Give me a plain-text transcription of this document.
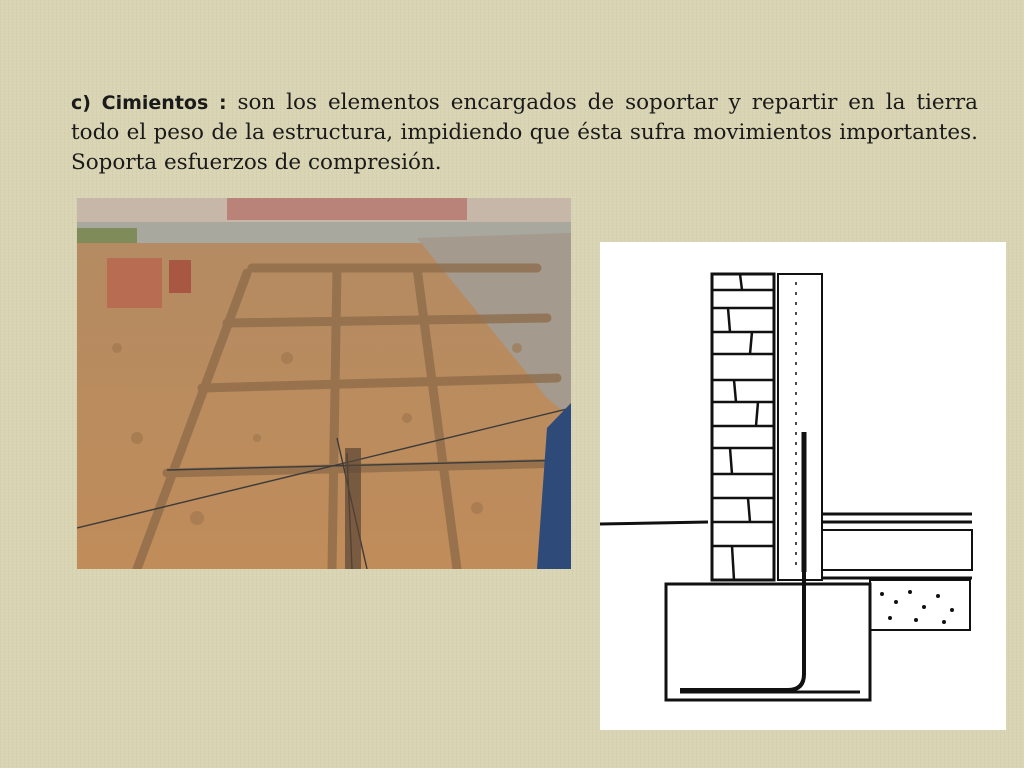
c) Cimientos : son los elementos encargados de soportar y repartir en la tierra todo el peso de la estructura, impidiendo que ésta sufra movimientos importantes. Soporta esfuerzos de compresión.
